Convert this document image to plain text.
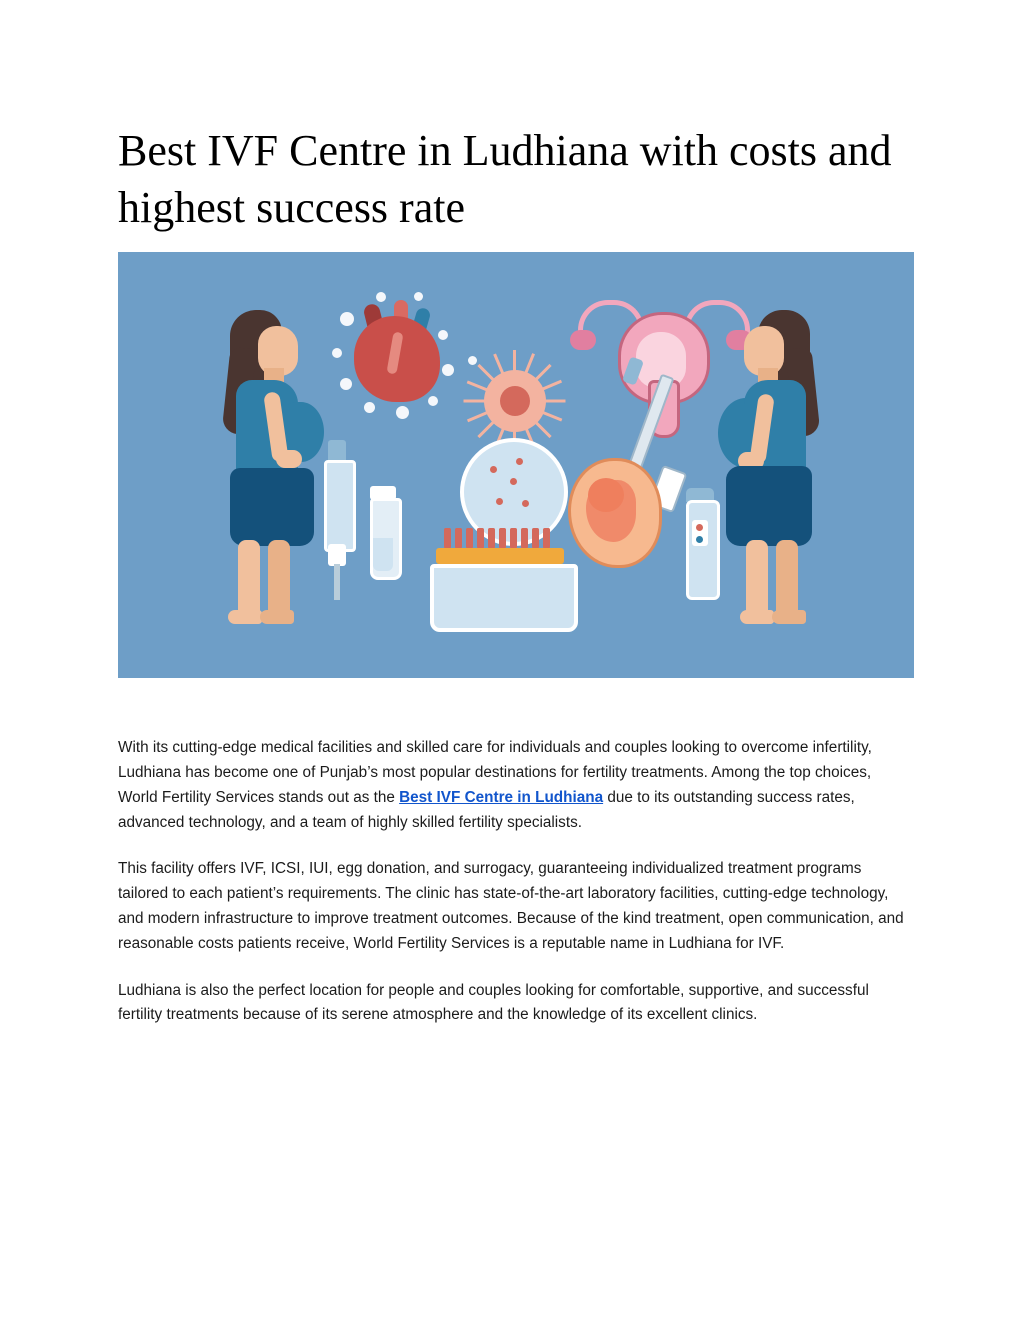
Best IVF Centre in Ludhiana with costs and highest success rate

With its cutting-edge medical facilities and skilled care for individuals and couples looking to overcome infertility, Ludhiana has become one of Punjab’s most popular destinations for fertility treatments. Among the top choices, World Fertility Services stands out as the Best IVF Centre in Ludhiana due to its outstanding success rates, advanced technology, and a team of highly skilled fertility specialists.

This facility offers IVF, ICSI, IUI, egg donation, and surrogacy, guaranteeing individualized treatment programs tailored to each patient’s requirements. The clinic has state-of-the-art laboratory facilities, cutting-edge technology, and modern infrastructure to improve treatment outcomes. Because of the kind treatment, open communication, and reasonable costs patients receive, World Fertility Services is a reputable name in Ludhiana for IVF.

Ludhiana is also the perfect location for people and couples looking for comfortable, supportive, and successful fertility treatments because of its serene atmosphere and the knowledge of its excellent clinics.
